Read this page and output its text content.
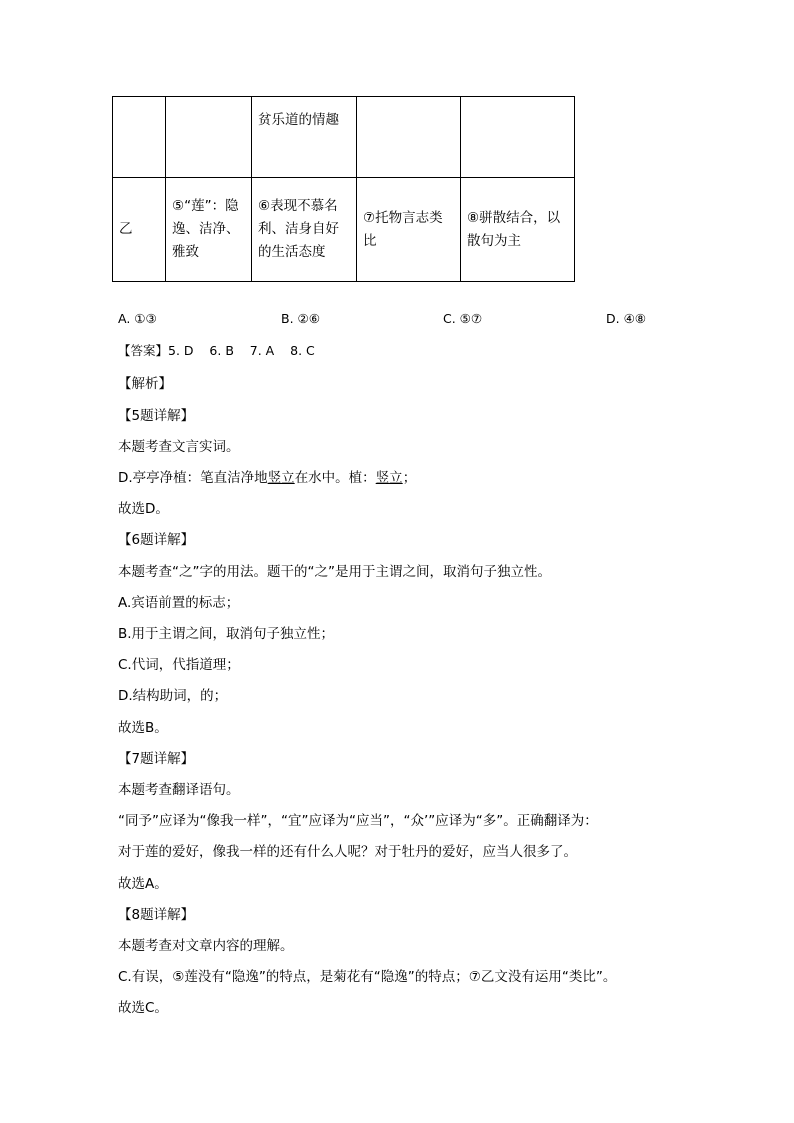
		贫乐道的情趣		
乙	⑤“莲”：隐逸、洁净、雅致	⑥表现不慕名利、洁身自好的生活态度	⑦托物言志类比	⑧骈散结合，以散句为主
A. ①③	B. ②⑥	C. ⑤⑦	D. ④⑧
【答案】5. D    6. B    7. A    8. C
【解析】
【5题详解】
本题考查文言实词。
D.亭亭净植：笔直洁净地竖立在水中。植：竖立；
故选D。
【6题详解】
本题考查“之”字的用法。题干的“之”是用于主谓之间，取消句子独立性。
A.宾语前置的标志；
B.用于主谓之间，取消句子独立性；
C.代词，代指道理；
D.结构助词，的；
故选B。
【7题详解】
本题考查翻译语句。
“同予”应译为“像我一样”，“宜”应译为“应当”，“众’”应译为“多”。正确翻译为：
对于莲的爱好，像我一样的还有什么人呢？对于牡丹的爱好，应当人很多了。
故选A。
【8题详解】
本题考查对文章内容的理解。
C.有误，⑤莲没有“隐逸”的特点，是菊花有“隐逸”的特点；⑦乙文没有运用“类比”。
故选C。
